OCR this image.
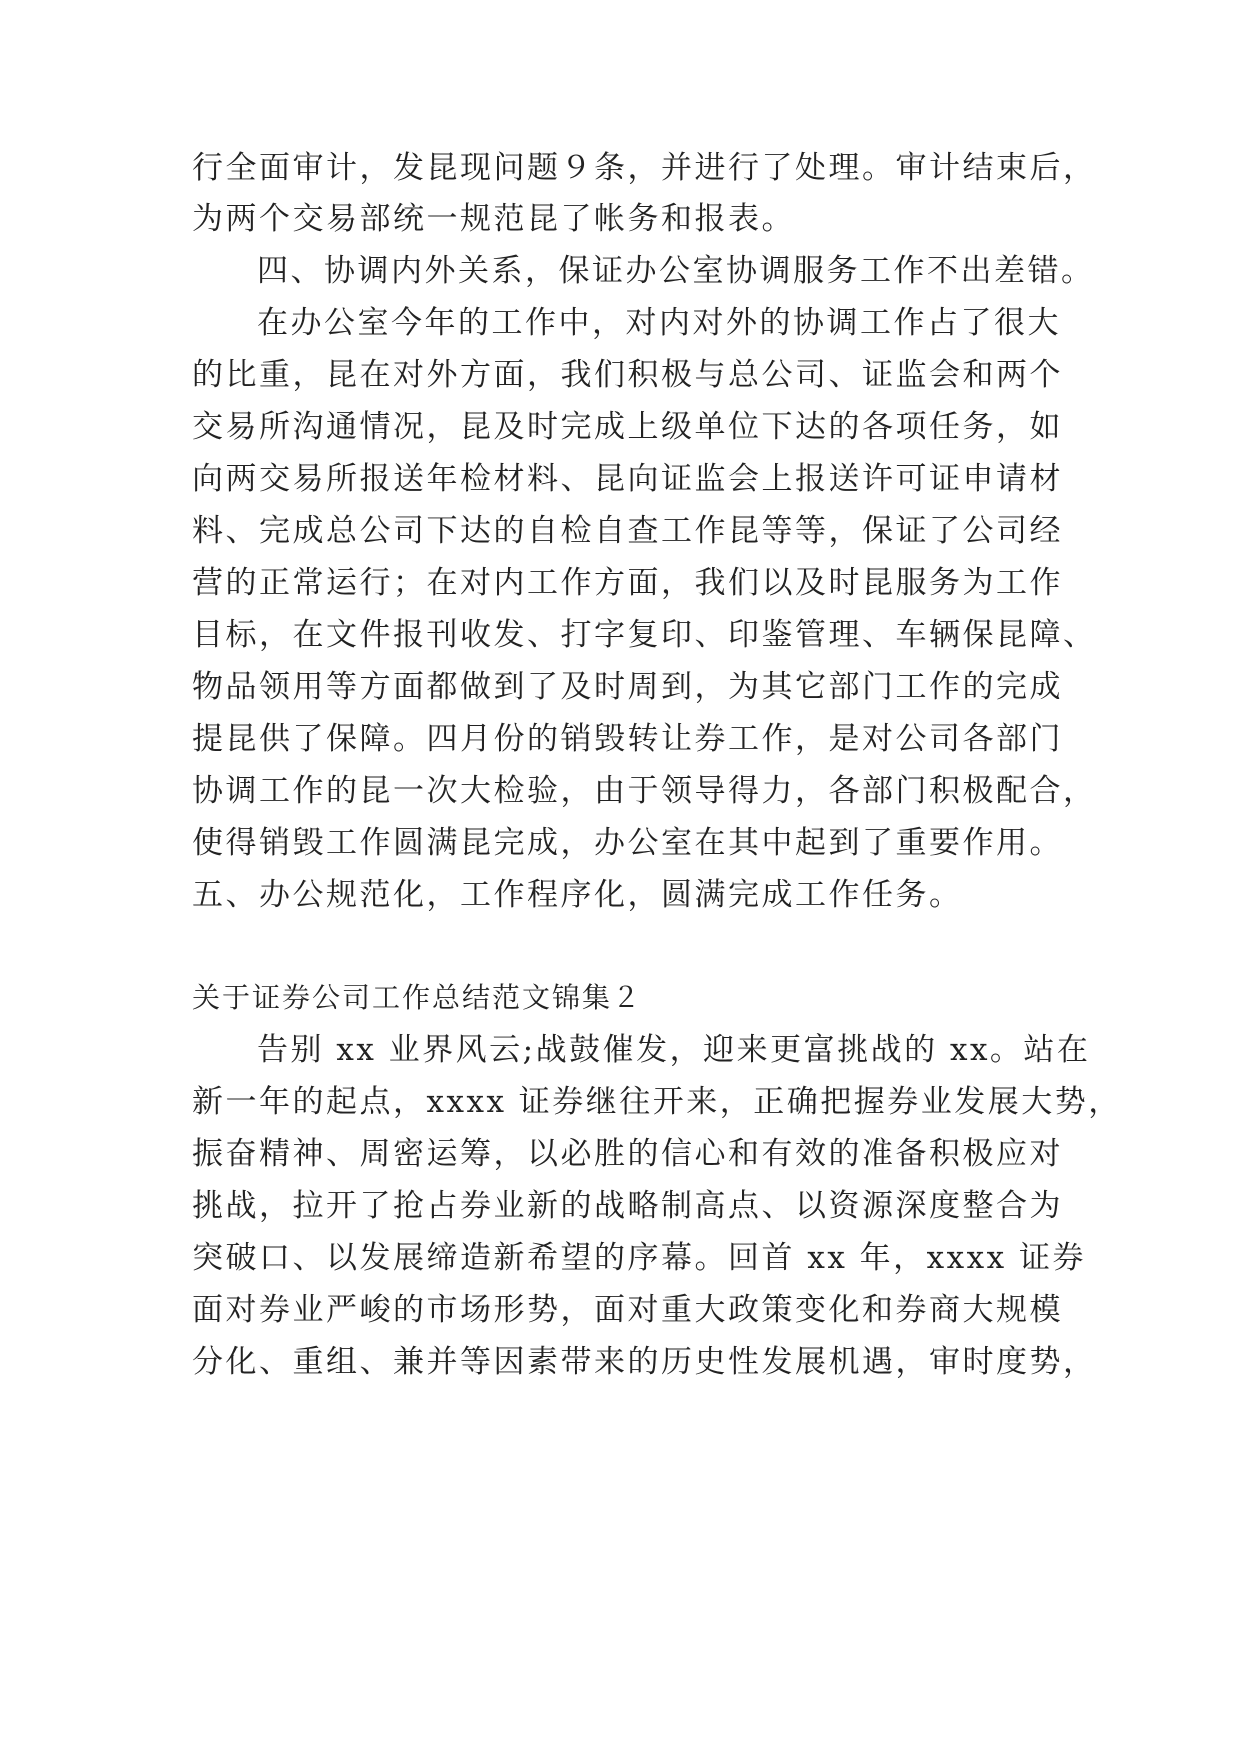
行全面审计，发昆现问题９条，并进行了处理。审计结束后，
为两个交易部统一规范昆了帐务和报表。
四、协调内外关系，保证办公室协调服务工作不出差错。
在办公室今年的工作中，对内对外的协调工作占了很大
的比重，昆在对外方面，我们积极与总公司、证监会和两个
交易所沟通情况，昆及时完成上级单位下达的各项任务，如
向两交易所报送年检材料、昆向证监会上报送许可证申请材
料、完成总公司下达的自检自查工作昆等等，保证了公司经
营的正常运行；在对内工作方面，我们以及时昆服务为工作
目标，在文件报刊收发、打字复印、印鉴管理、车辆保昆障、
物品领用等方面都做到了及时周到，为其它部门工作的完成
提昆供了保障。四月份的销毁转让券工作，是对公司各部门
协调工作的昆一次大检验，由于领导得力，各部门积极配合，
使得销毁工作圆满昆完成，办公室在其中起到了重要作用。
五、办公规范化，工作程序化，圆满完成工作任务。
关于证券公司工作总结范文锦集２
告别 xx 业界风云;战鼓催发，迎来更富挑战的 xx。站在
新一年的起点，xxxx 证券继往开来，正确把握券业发展大势，
振奋精神、周密运筹，以必胜的信心和有效的准备积极应对
挑战，拉开了抢占券业新的战略制高点、以资源深度整合为
突破口、以发展缔造新希望的序幕。回首 xx 年，xxxx 证券
面对券业严峻的市场形势，面对重大政策变化和券商大规模
分化、重组、兼并等因素带来的历史性发展机遇，审时度势，
